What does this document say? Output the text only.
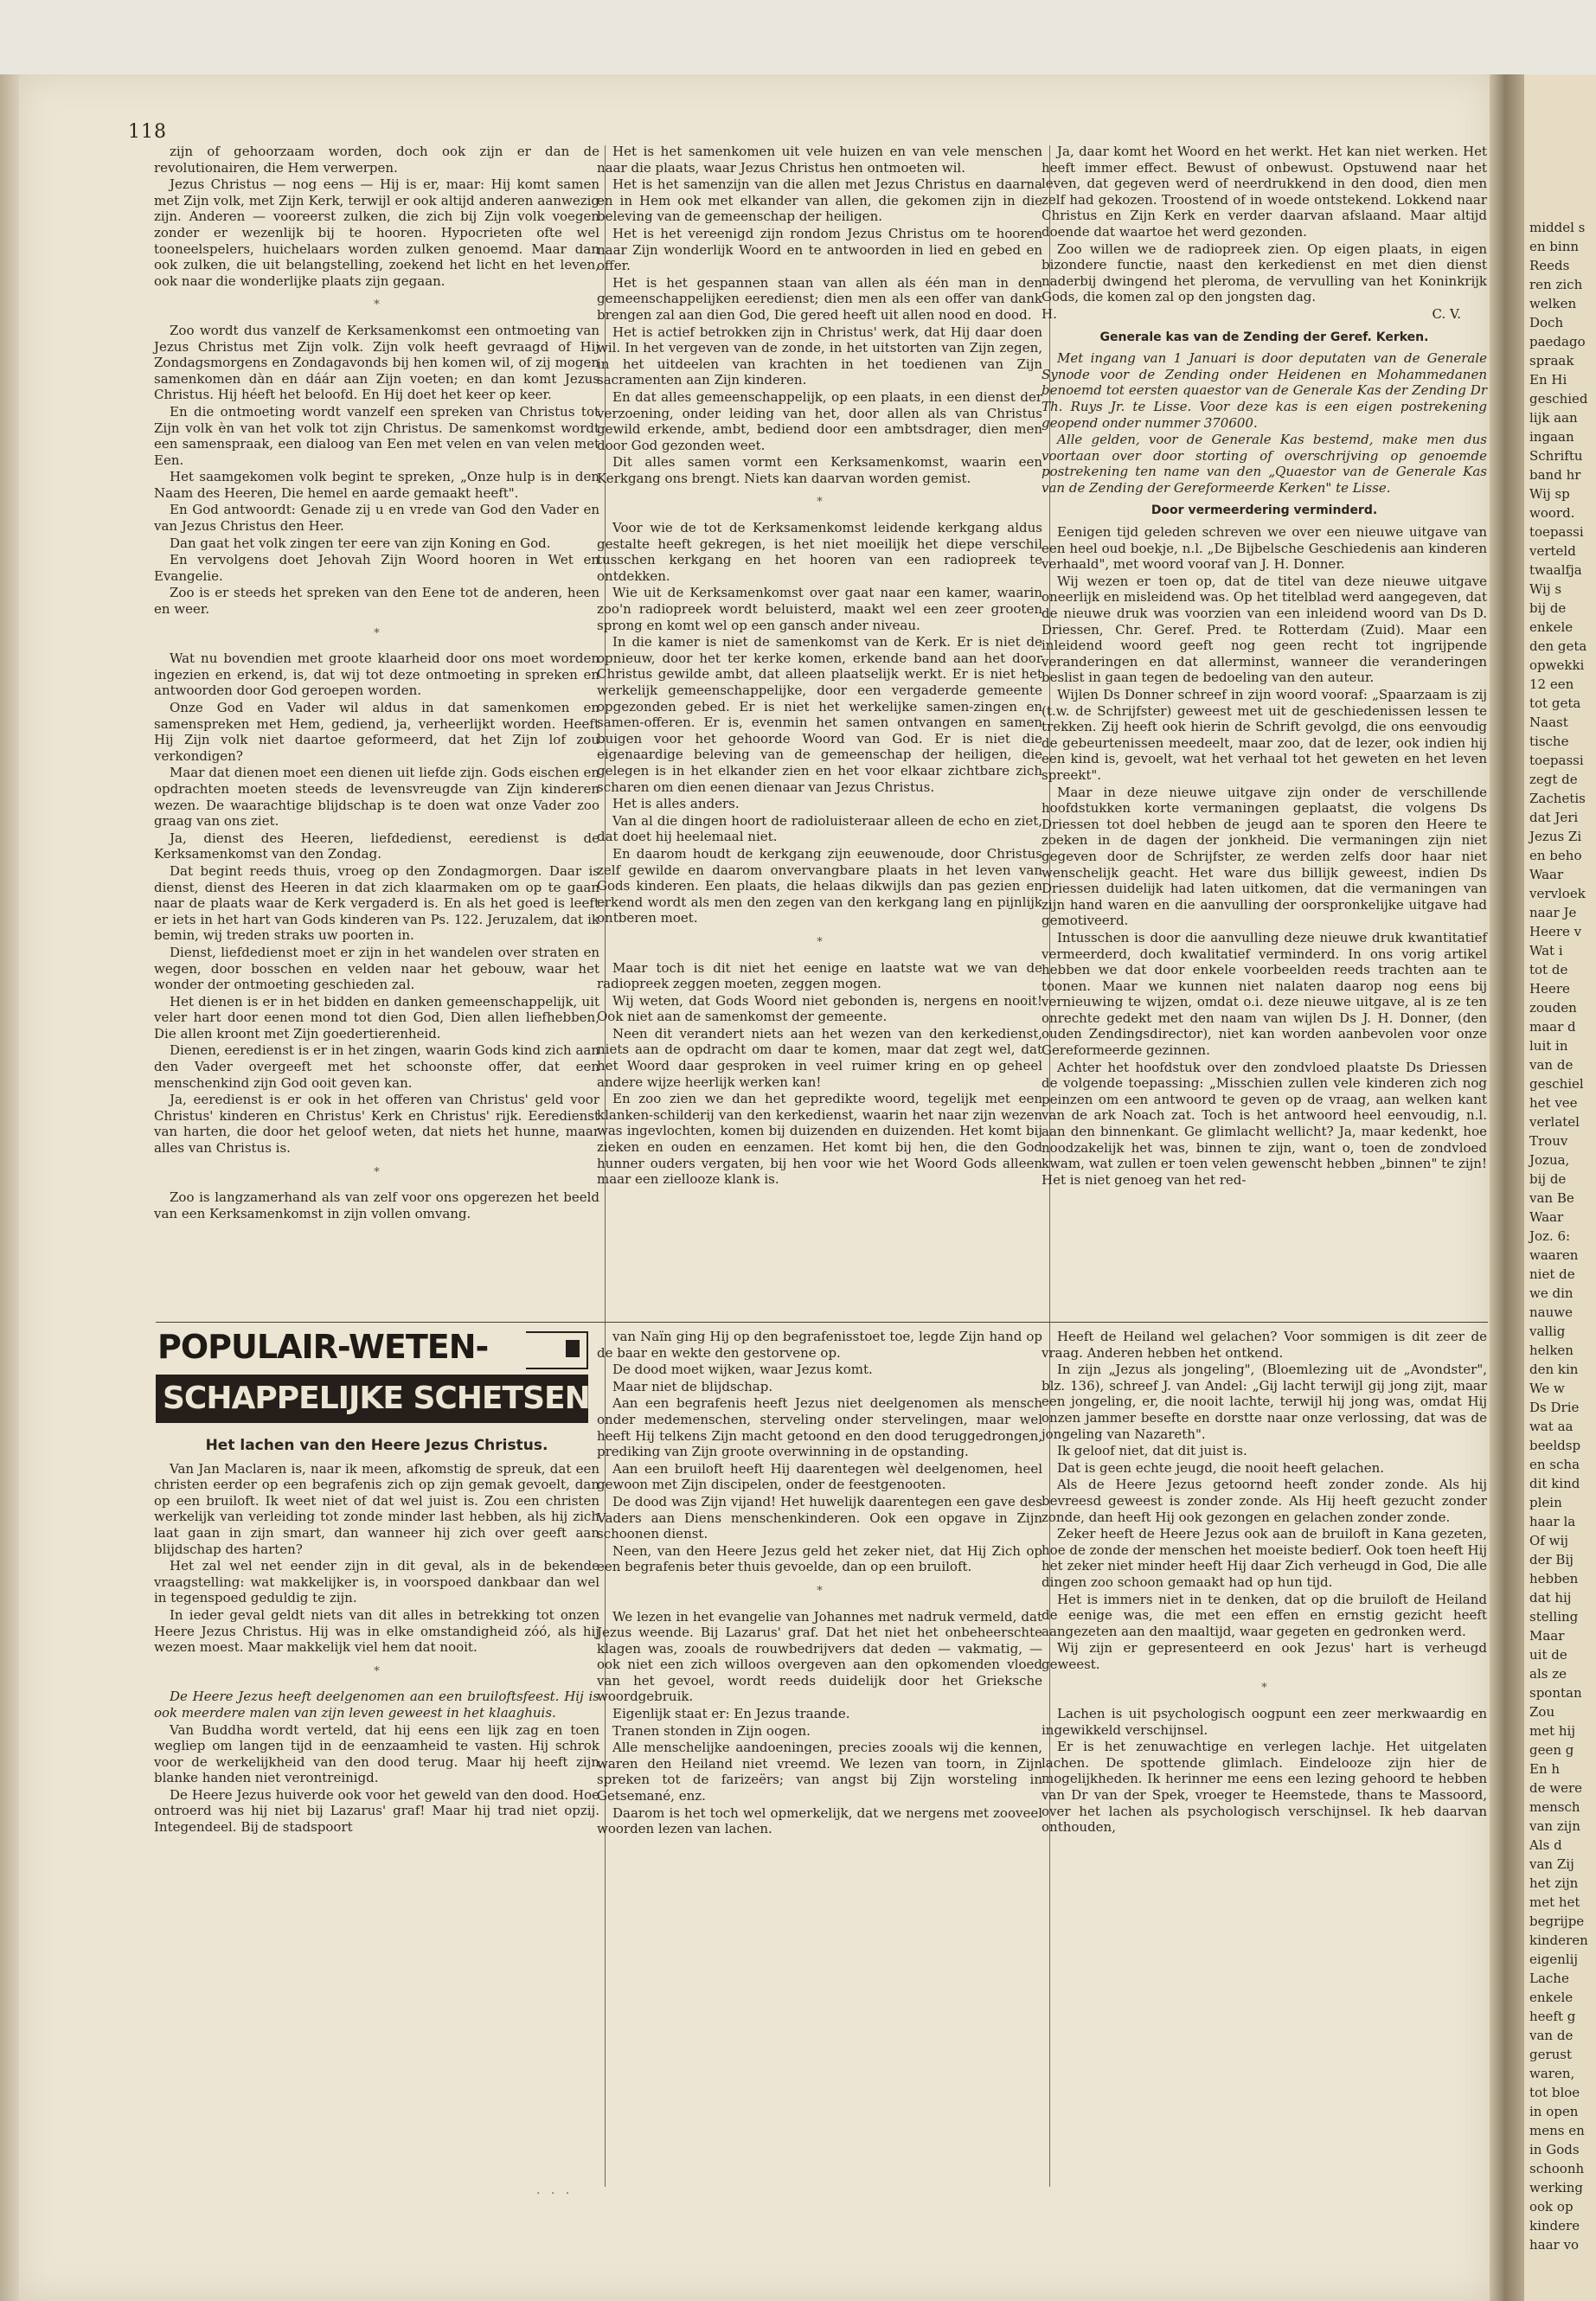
middel s
en binn
Reeds
ren zich
welken
Doch
paedago
spraak
En Hi
geschied
lijk aan
ingaan
Schriftu
band hr
Wij sp
woord.
toepassi
verteld
twaalfja
Wij s
bij de
enkele
den geta
opwekki
12 een
tot geta
Naast
tische
toepassi
zegt de
Zachetis
dat Jeri
Jezus Zi
en beho
Waar
vervloek
naar Je
Heere v
Wat i
tot de
Heere
zouden
maar d
luit in
van de
geschiel
het vee
verlatel
Trouv
Jozua,
bij de
van Be
Waar
Joz. 6:
waaren
niet de
we din
nauwe
vallig
helken
den kin
We w
Ds Drie
wat aa
beeldsp
en scha
dit kind
plein
haar la
Of wij
der Bij
hebben
dat hij
stelling
Maar
uit de
als ze
spontan
Zou
met hij
geen g
En h
de were
mensch
van zijn
Als d
van Zij
het zijn
met het
begrijpe
kinderen
eigenlij
Lache
enkele
heeft g
van de
gerust
waren,
tot bloe
in open
mens en
in Gods
schoonh
werking
ook op
kindere
haar vo
118

zijn of gehoorzaam worden, doch ook zijn er dan de revolutionairen, die Hem verwerpen.

Jezus Christus — nog eens — Hij is er, maar: Hij komt samen met Zijn volk, met Zijn Kerk, terwijl er ook altijd anderen aanwezig zijn. Anderen — vooreerst zulken, die zich bij Zijn volk voegen zonder er wezenlijk bij te hooren. Hypocrieten ofte wel tooneelspelers, huichelaars worden zulken genoemd. Maar dan ook zulken, die uit belangstelling, zoekend het licht en het leven, ook naar die wonderlijke plaats zijn gegaan.

*

Zoo wordt dus vanzelf de Kerksamenkomst een ontmoeting van Jezus Christus met Zijn volk. Zijn volk heeft gevraagd of Hij Zondagsmorgens en Zondagavonds bij hen komen wil, of zij mogen samenkomen dàn en dáár aan Zijn voeten; en dan komt Jezus Christus. Hij héeft het beloofd. En Hij doet het keer op keer.

En die ontmoeting wordt vanzelf een spreken van Christus tot Zijn volk èn van het volk tot zijn Christus. De samenkomst wordt een samenspraak, een dialoog van Een met velen en van velen met Een.

Het saamgekomen volk begint te spreken, „Onze hulp is in den Naam des Heeren, Die hemel en aarde gemaakt heeft".

En God antwoordt: Genade zij u en vrede van God den Vader en van Jezus Christus den Heer.

Dan gaat het volk zingen ter eere van zijn Koning en God.

En vervolgens doet Jehovah Zijn Woord hooren in Wet en Evangelie.

Zoo is er steeds het spreken van den Eene tot de anderen, heen en weer.

*

Wat nu bovendien met groote klaarheid door ons moet worden ingezien en erkend, is, dat wij tot deze ontmoeting in spreken en antwoorden door God geroepen worden.

Onze God en Vader wil aldus in dat samenkomen en samenspreken met Hem, gediend, ja, verheerlijkt worden. Heeft Hij Zijn volk niet daartoe geformeerd, dat het Zijn lof zou verkondigen?

Maar dat dienen moet een dienen uit liefde zijn. Gods eischen en opdrachten moeten steeds de levensvreugde van Zijn kinderen wezen. De waarachtige blijdschap is te doen wat onze Vader zoo graag van ons ziet.

Ja, dienst des Heeren, liefdedienst, eeredienst is de Kerksamenkomst van den Zondag.

Dat begint reeds thuis, vroeg op den Zondagmorgen. Daar is dienst, dienst des Heeren in dat zich klaarmaken om op te gaan naar de plaats waar de Kerk vergaderd is. En als het goed is leeft er iets in het hart van Gods kinderen van Ps. 122. Jeruzalem, dat ik bemin, wij treden straks uw poorten in.

Dienst, liefdedienst moet er zijn in het wandelen over straten en wegen, door bosschen en velden naar het gebouw, waar het wonder der ontmoeting geschieden zal.

Het dienen is er in het bidden en danken gemeenschappelijk, uit veler hart door eenen mond tot dien God, Dien allen liefhebben, Die allen kroont met Zijn goedertierenheid.

Dienen, eeredienst is er in het zingen, waarin Gods kind zich aan den Vader overgeeft met het schoonste offer, dat een menschenkind zijn God ooit geven kan.

Ja, eeredienst is er ook in het offeren van Christus' geld voor Christus' kinderen en Christus' Kerk en Christus' rijk. Eeredienst van harten, die door het geloof weten, dat niets het hunne, maar alles van Christus is.

*

Zoo is langzamerhand als van zelf voor ons opgerezen het beeld van een Kerksamenkomst in zijn vollen omvang.

Het is het samenkomen uit vele huizen en van vele menschen naar die plaats, waar Jezus Christus hen ontmoeten wil.

Het is het samenzijn van die allen met Jezus Christus en daarna en in Hem ook met elkander van allen, die gekomen zijn in die beleving van de gemeenschap der heiligen.

Het is het vereenigd zijn rondom Jezus Christus om te hooren naar Zijn wonderlijk Woord en te antwoorden in lied en gebed en offer.

Het is het gespannen staan van allen als één man in den gemeenschappelijken eeredienst; dien men als een offer van dank brengen zal aan dien God, Die gered heeft uit allen nood en dood.

Het is actief betrokken zijn in Christus' werk, dat Hij daar doen wil. In het vergeven van de zonde, in het uitstorten van Zijn zegen, in het uitdeelen van krachten in het toedienen van Zijn sacramenten aan Zijn kinderen.

En dat alles gemeenschappelijk, op een plaats, in een dienst der verzoening, onder leiding van het, door allen als van Christus gewild erkende, ambt, bediend door een ambtsdrager, dien men door God gezonden weet.

Dit alles samen vormt een Kerksamenkomst, waarin een Kerkgang ons brengt. Niets kan daarvan worden gemist.

*

Voor wie de tot de Kerksamenkomst leidende kerkgang aldus gestalte heeft gekregen, is het niet moeilijk het diepe verschil tusschen kerkgang en het hooren van een radiopreek te ontdekken.

Wie uit de Kerksamenkomst over gaat naar een kamer, waarin zoo'n radiopreek wordt beluisterd, maakt wel een zeer grooten sprong en komt wel op een gansch ander niveau.

In die kamer is niet de samenkomst van de Kerk. Er is niet de opnieuw, door het ter kerke komen, erkende band aan het door Christus gewilde ambt, dat alleen plaatselijk werkt. Er is niet het werkelijk gemeenschappelijke, door een vergaderde gemeente opgezonden gebed. Er is niet het werkelijke samen-zingen en samen-offeren. Er is, evenmin het samen ontvangen en samen buigen voor het gehoorde Woord van God. Er is niet die eigenaardige beleving van de gemeenschap der heiligen, die gelegen is in het elkander zien en het voor elkaar zichtbare zich scharen om dien eenen dienaar van Jezus Christus.

Het is alles anders.

Van al die dingen hoort de radioluisteraar alleen de echo en ziet, dat doet hij heelemaal niet.

En daarom houdt de kerkgang zijn eeuwenoude, door Christus zelf gewilde en daarom onvervangbare plaats in het leven van Gods kinderen. Een plaats, die helaas dikwijls dan pas gezien en erkend wordt als men den zegen van den kerkgang lang en pijnlijk ontberen moet.

*

Maar toch is dit niet het eenige en laatste wat we van de radiopreek zeggen moeten, zeggen mogen.

Wij weten, dat Gods Woord niet gebonden is, nergens en nooit! Ook niet aan de samenkomst der gemeente.

Neen dit verandert niets aan het wezen van den kerkedienst, niets aan de opdracht om daar te komen, maar dat zegt wel, dat het Woord daar gesproken in veel ruimer kring en op geheel andere wijze heerlijk werken kan!

En zoo zien we dan het gepredikte woord, tegelijk met een klanken-schilderij van den kerkedienst, waarin het naar zijn wezen was ingevlochten, komen bij duizenden en duizenden. Het komt bij zieken en ouden en eenzamen. Het komt bij hen, die den God hunner ouders vergaten, bij hen voor wie het Woord Gods alleen maar een zielloozе klank is.

Ja, daar komt het Woord en het werkt. Het kan niet werken. Het heeft immer effect. Bewust of onbewust. Opstuwend naar het leven, dat gegeven werd of neerdrukkend in den dood, dien men zelf had gekozen. Troostend of in woede ontstekend. Lokkend naar Christus en Zijn Kerk en verder daarvan afslaand. Maar altijd doende dat waartoe het werd gezonden.

Zoo willen we de radiopreek zien. Op eigen plaats, in eigen bizondere functie, naast den kerkedienst en met dien dienst naderbij dwingend het pleroma, de vervulling van het Koninkrijk Gods, die komen zal op den jongsten dag.

H.	C. V.

Generale kas van de Zending der Geref. Kerken.

Met ingang van 1 Januari is door deputaten van de Generale Synode voor de Zending onder Heidenen en Mohammedanen benoemd tot eersten quaestor van de Generale Kas der Zending Dr Th. Ruys Jr. te Lisse. Voor deze kas is een eigen postrekening geopend onder nummer 370600.

Alle gelden, voor de Generale Kas bestemd, make men dus voortaan over door storting of overschrijving op genoemde postrekening ten name van den „Quaestor van de Generale Kas van de Zending der Gereformeerde Kerken" te Lisse.

Door vermeerdering verminderd.

Eenigen tijd geleden schreven we over een nieuwe uitgave van een heel oud boekje, n.l. „De Bijbelsche Geschiedenis aan kinderen verhaald", met woord vooraf van J. H. Donner.

Wij wezen er toen op, dat de titel van deze nieuwe uitgave oneerlijk en misleidend was. Op het titelblad werd aangegeven, dat de nieuwe druk was voorzien van een inleidend woord van Ds D. Driessen, Chr. Geref. Pred. te Rotterdam (Zuid). Maar een inleidend woord geeft nog geen recht tot ingrijpende veranderingen en dat allerminst, wanneer die veranderingen beslist in gaan tegen de bedoeling van den auteur.

Wijlen Ds Donner schreef in zijn woord vooraf: „Spaarzaam is zij (t.w. de Schrijfster) geweest met uit de geschiedenissen lessen te trekken. Zij heeft ook hierin de Schrift gevolgd, die ons eenvoudig de gebeurtenissen meedeelt, maar zoo, dat de lezer, ook indien hij een kind is, gevoelt, wat het verhaal tot het geweten en het leven spreekt".

Maar in deze nieuwe uitgave zijn onder de verschillende hoofdstukken korte vermaningen geplaatst, die volgens Ds Driessen tot doel hebben de jeugd aan te sporen den Heere te zoeken in de dagen der jonkheid. Die vermaningen zijn niet gegeven door de Schrijfster, ze werden zelfs door haar niet wenschelijk geacht. Het ware dus billijk geweest, indien Ds Driessen duidelijk had laten uitkomen, dat die vermaningen van zijn hand waren en die aanvulling der oorspronkelijke uitgave had gemotiveerd.

Intusschen is door die aanvulling deze nieuwe druk kwantitatief vermeerderd, doch kwalitatief verminderd. In ons vorig artikel hebben we dat door enkele voorbeelden reeds trachten aan te toonen. Maar we kunnen niet nalaten daarop nog eens bij vernieuwing te wijzen, omdat o.i. deze nieuwe uitgave, al is ze ten onrechte gedekt met den naam van wijlen Ds J. H. Donner, (den ouden Zendingsdirector), niet kan worden aanbevolen voor onze Gereformeerde gezinnen.

Achter het hoofdstuk over den zondvloed plaatste Ds Driessen de volgende toepassing: „Misschien zullen vele kinderen zich nog peinzen om een antwoord te geven op de vraag, aan welken kant van de ark Noach zat. Toch is het antwoord heel eenvoudig, n.l. aan den binnenkant. Ge glimlacht wellicht? Ja, maar kedenkt, hoe noodzakelijk het was, binnen te zijn, want o, toen de zondvloed kwam, wat zullen er toen velen gewenscht hebben „binnen" te zijn! Het is niet genoeg van het red-

POPULAIR-WETEN-
SCHAPPELIJKE SCHETSEN

Het lachen van den Heere Jezus Christus.

Van Jan Maclaren is, naar ik meen, afkomstig de spreuk, dat een christen eerder op een begrafenis zich op zijn gemak gevoelt, dan op een bruiloft. Ik weet niet of dat wel juist is. Zou een christen werkelijk van verleiding tot zonde minder last hebben, als hij zich laat gaan in zijn smart, dan wanneer hij zich over geeft aan blijdschap des harten?

Het zal wel net eender zijn in dit geval, als in de bekende vraagstelling: wat makkelijker is, in voorspoed dankbaar dan wel in tegenspoed geduldig te zijn.

In ieder geval geldt niets van dit alles in betrekking tot onzen Heere Jezus Christus. Hij was in elke omstandigheid zóó, als hij wezen moest. Maar makkelijk viel hem dat nooit.

*

De Heere Jezus heeft deelgenomen aan een bruiloftsfeest. Hij is ook meerdere malen van zijn leven geweest in het klaaghuis.

Van Buddha wordt verteld, dat hij eens een lijk zag en toen wegliep om langen tijd in de eenzaamheid te vasten. Hij schrok voor de werkelijkheid van den dood terug. Maar hij heeft zijn blanke handen niet verontreinigd.

De Heere Jezus huiverde ook voor het geweld van den dood. Hoe ontroerd was hij niet bij Lazarus' graf! Maar hij trad niet opzij. Integendeel. Bij de stadspoort

van Naïn ging Hij op den begrafenisstoet toe, legde Zijn hand op de baar en wekte den gestorvene op.

De dood moet wijken, waar Jezus komt.

Maar niet de blijdschap.

Aan een begrafenis heeft Jezus niet deelgenomen als mensch onder medemenschen, sterveling onder stervelingen, maar wel heeft Hij telkens Zijn macht getoond en den dood teruggedrongen, prediking van Zijn groote overwinning in de opstanding.

Aan een bruiloft heeft Hij daarentegen wèl deelgenomen, heel gewoon met Zijn discipelen, onder de feestgenooten.

De dood was Zijn vijand! Het huwelijk daarentegen een gave des Vaders aan Diens menschenkinderen. Ook een opgave in Zijn schoonen dienst.

Neen, van den Heere Jezus geld het zeker niet, dat Hij Zich op een begrafenis beter thuis gevoelde, dan op een bruiloft.

*

We lezen in het evangelie van Johannes met nadruk vermeld, dat Jezus weende. Bij Lazarus' graf. Dat het niet het onbeheerschte klagen was, zooals de rouwbedrijvers dat deden — vakmatig, — ook niet een zich willoos overgeven aan den opkomenden vloed van het gevoel, wordt reeds duidelijk door het Grieksche woordgebruik.

Eigenlijk staat er: En Jezus traande.

Tranen stonden in Zijn oogen.

Alle menschelijke aandoeningen, precies zooals wij die kennen, waren den Heiland niet vreemd. We lezen van toorn, in Zijn spreken tot de farizeërs; van angst bij Zijn worsteling in Getsemané, enz.

Daarom is het toch wel opmerkelijk, dat we nergens met zooveel woorden lezen van lachen.

Heeft de Heiland wel gelachen? Voor sommigen is dit zeer de vraag. Anderen hebben het ontkend.

In zijn „Jezus als jongeling", (Bloemlezing uit de „Avondster", blz. 136), schreef J. van Andel: „Gij lacht terwijl gij jong zijt, maar een jongeling, er, die nooit lachte, terwijl hij jong was, omdat Hij onzen jammer besefte en dorstte naar onze verlossing, dat was de jongeling van Nazareth".

Ik geloof niet, dat dit juist is.

Dat is geen echte jeugd, die nooit heeft gelachen.

Als de Heere Jezus getoornd heeft zonder zonde. Als hij bevreesd geweest is zonder zonde. Als Hij heeft gezucht zonder zonde, dan heeft Hij ook gezongen en gelachen zonder zonde.

Zeker heeft de Heere Jezus ook aan de bruiloft in Kana gezeten, hoe de zonde der menschen het moeiste bedierf. Ook toen heeft Hij het zeker niet minder heeft Hij daar Zich verheugd in God, Die alle dingen zoo schoon gemaakt had op hun tijd.

Het is immers niet in te denken, dat op die bruiloft de Heiland de eenige was, die met een effen en ernstig gezicht heeft aangezeten aan den maaltijd, waar gegeten en gedronken werd.

Wij zijn er gepresenteerd en ook Jezus' hart is verheugd geweest.

*

Lachen is uit psychologisch oogpunt een zeer merkwaardig en ingewikkeld verschijnsel.

Er is het zenuwachtige en verlegen lachje. Het uitgelaten lachen. De spottende glimlach. Eindelooze zijn hier de mogelijkheden. Ik herinner me eens een lezing gehoord te hebben van Dr van der Spek, vroeger te Heemstede, thans te Massoord, over het lachen als psychologisch verschijnsel. Ik heb daarvan onthouden,

· · ·
